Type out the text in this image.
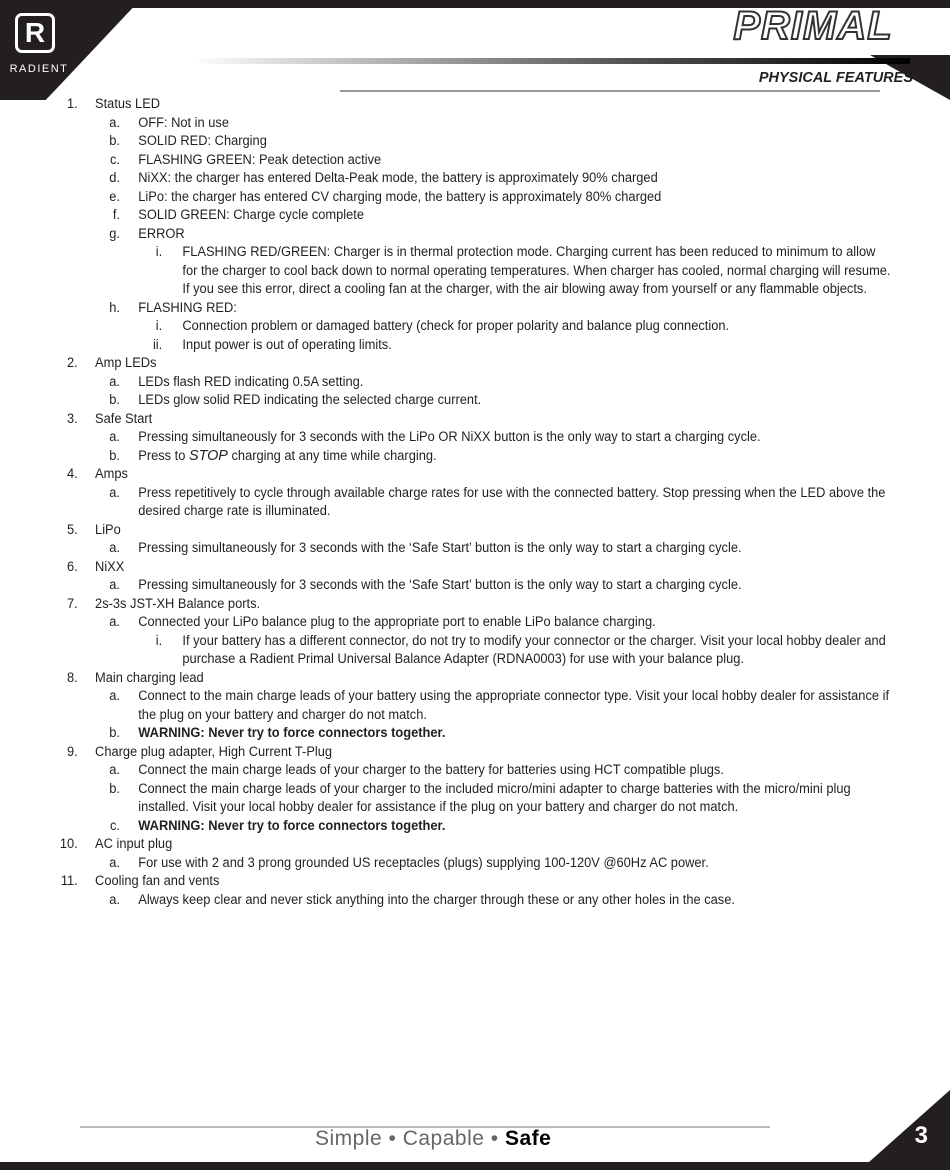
R
RADIENT
PRIMAL
PHYSICAL FEATURES
1. Status LED
a. OFF: Not in use
b. SOLID RED: Charging
c. FLASHING GREEN: Peak detection active
d. NiXX: the charger has entered Delta-Peak mode, the battery is approximately 90% charged
e. LiPo: the charger has entered CV charging mode, the battery is approximately 80% charged
f. SOLID GREEN: Charge cycle complete
g. ERROR
i. FLASHING RED/GREEN: Charger is in thermal protection mode. Charging current has been reduced to minimum to allow for the charger to cool back down to normal operating temperatures. When charger has cooled, normal charging will resume. If you see this error, direct a cooling fan at the charger, with the air blowing away from yourself or any flammable objects.
h. FLASHING RED:
i. Connection problem or damaged battery (check for proper polarity and balance plug connection.
ii. Input power is out of operating limits.
2. Amp LEDs
a. LEDs flash RED indicating 0.5A setting.
b. LEDs glow solid RED indicating the selected charge current.
3. Safe Start
a. Pressing simultaneously for 3 seconds with the LiPo OR NiXX button is the only way to start a charging cycle.
b. Press to STOP charging at any time while charging.
4. Amps
a. Press repetitively to cycle through available charge rates for use with the connected battery. Stop pressing when the LED above the desired charge rate is illuminated.
5. LiPo
a. Pressing simultaneously for 3 seconds with the ‘Safe Start’ button is the only way to start a charging cycle.
6. NiXX
a. Pressing simultaneously for 3 seconds with the ‘Safe Start’ button is the only way to start a charging cycle.
7. 2s-3s JST-XH Balance ports.
a. Connected your LiPo balance plug to the appropriate port to enable LiPo balance charging.
i. If your battery has a different connector, do not try to modify your connector or the charger. Visit your local hobby dealer and purchase a Radient Primal Universal Balance Adapter (RDNA0003) for use with your balance plug.
8. Main charging lead
a. Connect to the main charge leads of your battery using the appropriate connector type. Visit your local hobby dealer for assistance if the plug on your battery and charger do not match.
b. WARNING: Never try to force connectors together.
9. Charge plug adapter, High Current T-Plug
a. Connect the main charge leads of your charger to the battery for batteries using HCT compatible plugs.
b. Connect the main charge leads of your charger to the included micro/mini adapter to charge batteries with the micro/mini plug installed. Visit your local hobby dealer for assistance if the plug on your battery and charger do not match.
c. WARNING: Never try to force connectors together.
10. AC input plug
a. For use with 2 and 3 prong grounded US receptacles (plugs) supplying 100-120V @60Hz AC power.
11. Cooling fan and vents
a. Always keep clear and never stick anything into the charger through these or any other holes in the case.
Simple • Capable • Safe	3
